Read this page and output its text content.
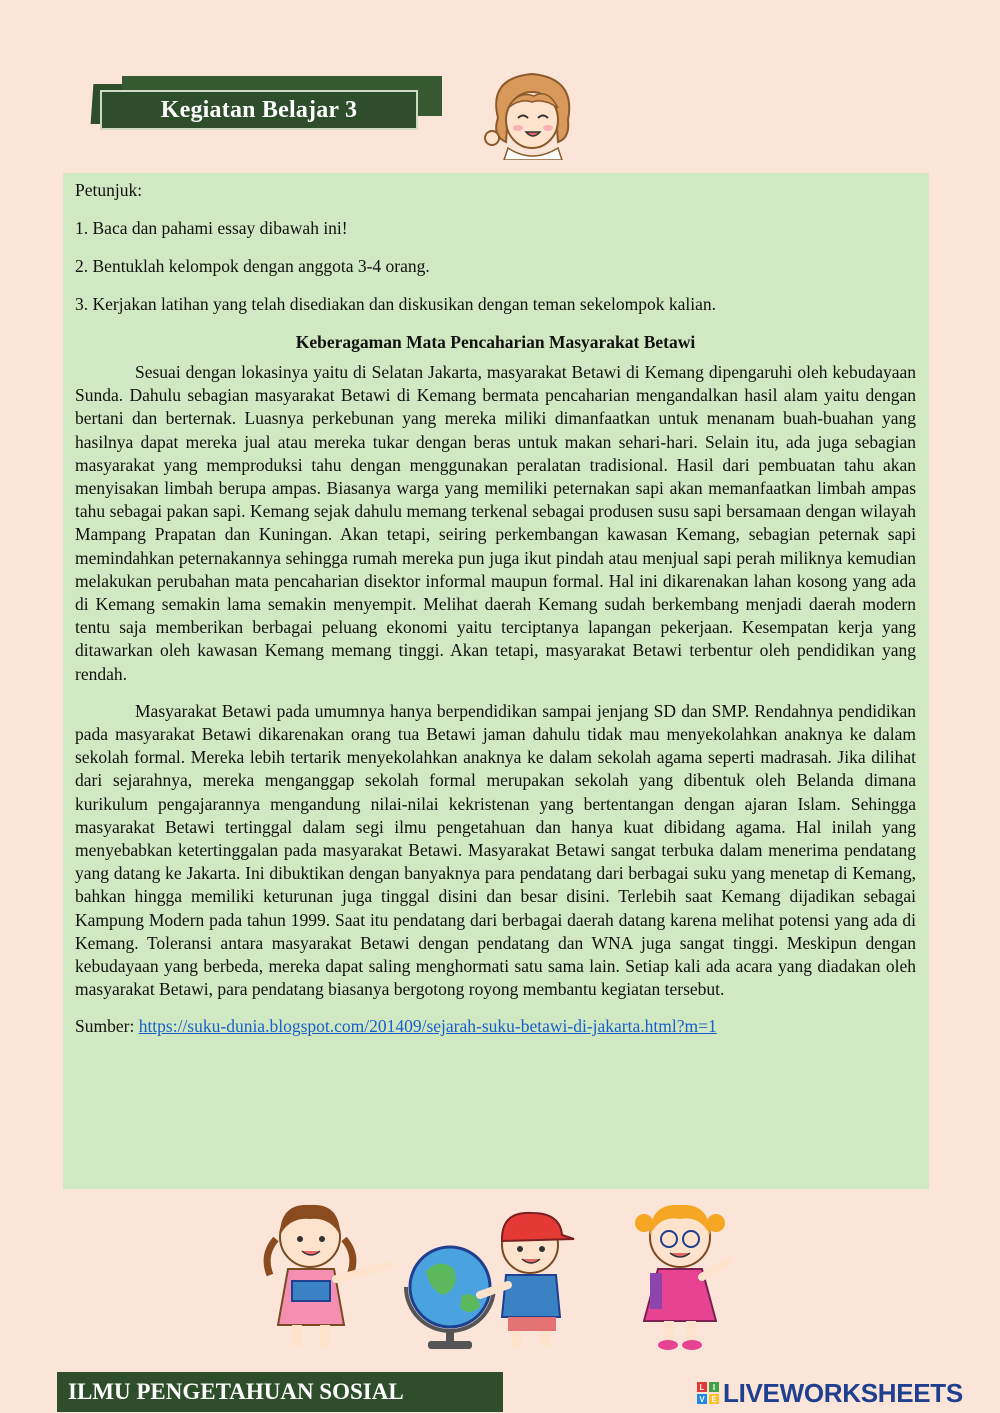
Kegiatan Belajar 3

Petunjuk:

1. Baca dan pahami essay dibawah ini!

2. Bentuklah kelompok dengan anggota 3-4 orang.

3. Kerjakan latihan yang telah disediakan dan diskusikan dengan teman sekelompok kalian.

Keberagaman Mata Pencaharian Masyarakat Betawi

Sesuai dengan lokasinya yaitu di Selatan Jakarta, masyarakat Betawi di Kemang dipengaruhi oleh kebudayaan Sunda. Dahulu sebagian masyarakat Betawi di Kemang bermata pencaharian mengandalkan hasil alam yaitu dengan bertani dan berternak. Luasnya perkebunan yang mereka miliki dimanfaatkan untuk menanam buah-buahan yang hasilnya dapat mereka jual atau mereka tukar dengan beras untuk makan sehari-hari. Selain itu, ada juga sebagian masyarakat yang memproduksi tahu dengan menggunakan peralatan tradisional. Hasil dari pembuatan tahu akan menyisakan limbah berupa ampas. Biasanya warga yang memiliki peternakan sapi akan memanfaatkan limbah ampas tahu sebagai pakan sapi. Kemang sejak dahulu memang terkenal sebagai produsen susu sapi bersamaan dengan wilayah Mampang Prapatan dan Kuningan. Akan tetapi, seiring perkembangan kawasan Kemang, sebagian peternak sapi memindahkan peternakannya sehingga rumah mereka pun juga ikut pindah atau menjual sapi perah miliknya kemudian melakukan perubahan mata pencaharian disektor informal maupun formal. Hal ini dikarenakan lahan kosong yang ada di Kemang semakin lama semakin menyempit. Melihat daerah Kemang sudah berkembang menjadi daerah modern tentu saja memberikan berbagai peluang ekonomi yaitu terciptanya lapangan pekerjaan. Kesempatan kerja yang ditawarkan oleh kawasan Kemang memang tinggi. Akan tetapi, masyarakat Betawi terbentur oleh pendidikan yang rendah.

Masyarakat Betawi pada umumnya hanya berpendidikan sampai jenjang SD dan SMP. Rendahnya pendidikan pada masyarakat Betawi dikarenakan orang tua Betawi jaman dahulu tidak mau menyekolahkan anaknya ke dalam sekolah formal. Mereka lebih tertarik menyekolahkan anaknya ke dalam sekolah agama seperti madrasah. Jika dilihat dari sejarahnya, mereka menganggap sekolah formal merupakan sekolah yang dibentuk oleh Belanda dimana kurikulum pengajarannya mengandung nilai-nilai kekristenan yang bertentangan dengan ajaran Islam. Sehingga masyarakat Betawi tertinggal dalam segi ilmu pengetahuan dan hanya kuat dibidang agama. Hal inilah yang menyebabkan ketertinggalan pada masyarakat Betawi. Masyarakat Betawi sangat terbuka dalam menerima pendatang yang datang ke Jakarta. Ini dibuktikan dengan banyaknya para pendatang dari berbagai suku yang menetap di Kemang, bahkan hingga memiliki keturunan juga tinggal disini dan besar disini. Terlebih saat Kemang dijadikan sebagai Kampung Modern pada tahun 1999. Saat itu pendatang dari berbagai daerah datang karena melihat potensi yang ada di Kemang. Toleransi antara masyarakat Betawi dengan pendatang dan WNA juga sangat tinggi. Meskipun dengan kebudayaan yang berbeda, mereka dapat saling menghormati satu sama lain. Setiap kali ada acara yang diadakan oleh masyarakat Betawi, para pendatang biasanya bergotong royong membantu kegiatan tersebut.

Sumber: https://suku-dunia.blogspot.com/201409/sejarah-suku-betawi-di-jakarta.html?m=1

ILMU PENGETAHUAN SOSIAL	L I
V E LIVEWORKSHEETS
